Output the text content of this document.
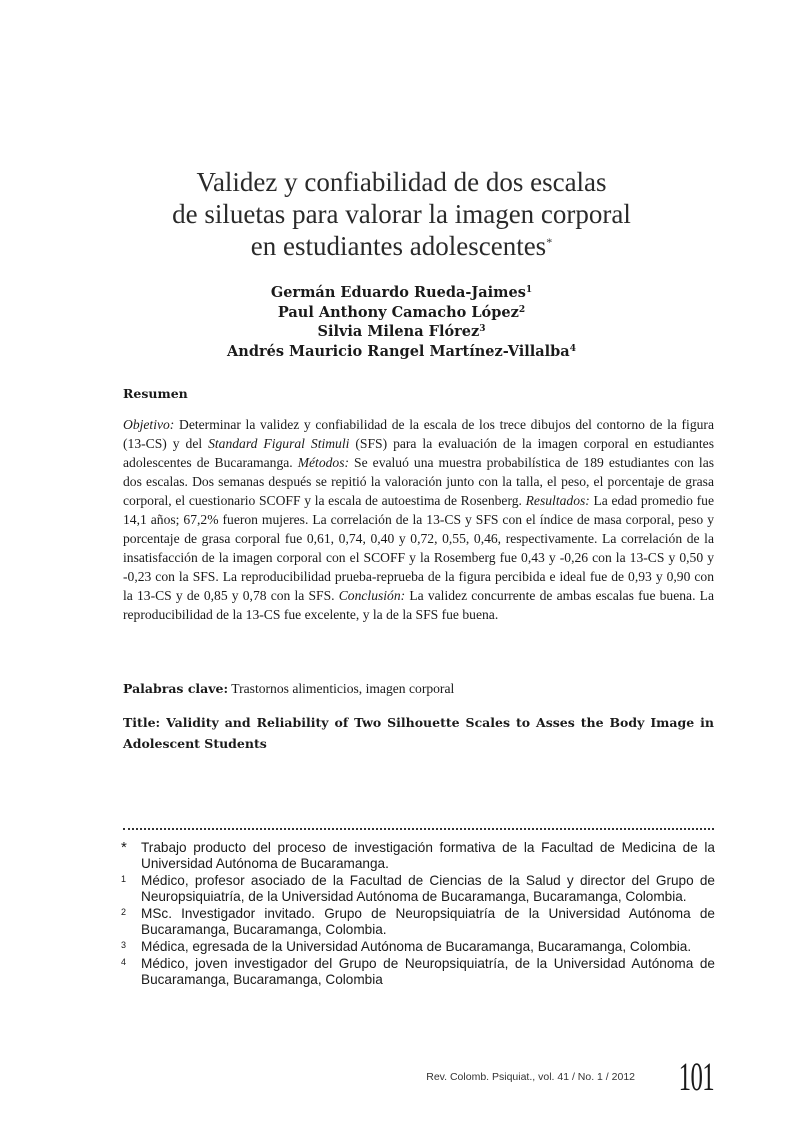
Validez y confiabilidad de dos escalas
de siluetas para valorar la imagen corporal
en estudiantes adolescentes*
Germán Eduardo Rueda-Jaimes$^1$
Paul Anthony Camacho López$^2$
Silvia Milena Flórez$^3$
Andrés Mauricio Rangel Martínez-Villalba$^4$
Resumen
Objetivo: Determinar la validez y confiabilidad de la escala de los trece dibujos del contorno de la figura (13-CS) y del Standard Figural Stimuli (SFS) para la evaluación de la imagen corporal en estudiantes adolescentes de Bucaramanga. Métodos: Se evaluó una muestra probabilística de 189 estudiantes con las dos escalas. Dos semanas después se repitió la valoración junto con la talla, el peso, el porcentaje de grasa corporal, el cuestionario SCOFF y la escala de autoestima de Rosenberg. Resultados: La edad promedio fue 14,1 años; 67,2% fueron mujeres. La correlación de la 13-CS y SFS con el índice de masa corporal, peso y porcentaje de grasa corporal fue 0,61, 0,74, 0,40 y 0,72, 0,55, 0,46, respectivamente. La correlación de la insatisfacción de la imagen corporal con el SCOFF y la Rosemberg fue 0,43 y -0,26 con la 13-CS y 0,50 y -0,23 con la SFS. La reproducibilidad prueba-reprueba de la figura percibida e ideal fue de 0,93 y 0,90 con la 13-CS y de 0,85 y 0,78 con la SFS. Conclusión: La validez concurrente de ambas escalas fue buena. La reproducibilidad de la 13-CS fue excelente, y la de la SFS fue buena.
Palabras clave: Trastornos alimenticios, imagen corporal
Title: Validity and Reliability of Two Silhouette Scales to Asses the Body Image in Adolescent Students
*	Trabajo producto del proceso de investigación formativa de la Facultad de Medicina de la Universidad Autónoma de Bucaramanga.
1	Médico, profesor asociado de la Facultad de Ciencias de la Salud y director del Grupo de Neuropsiquiatría, de la Universidad Autónoma de Bucaramanga, Bucaramanga, Colombia.
2	MSc. Investigador invitado. Grupo de Neuropsiquiatría de la Universidad Autónoma de Bucaramanga, Bucaramanga, Colombia.
3	Médica, egresada de la Universidad Autónoma de Bucaramanga, Bucaramanga, Colombia.
4	Médico, joven investigador del Grupo de Neuropsiquiatría, de la Universidad Autónoma de Bucaramanga, Bucaramanga, Colombia
Rev. Colomb. Psiquiat., vol. 41 / No. 1 / 2012 101
